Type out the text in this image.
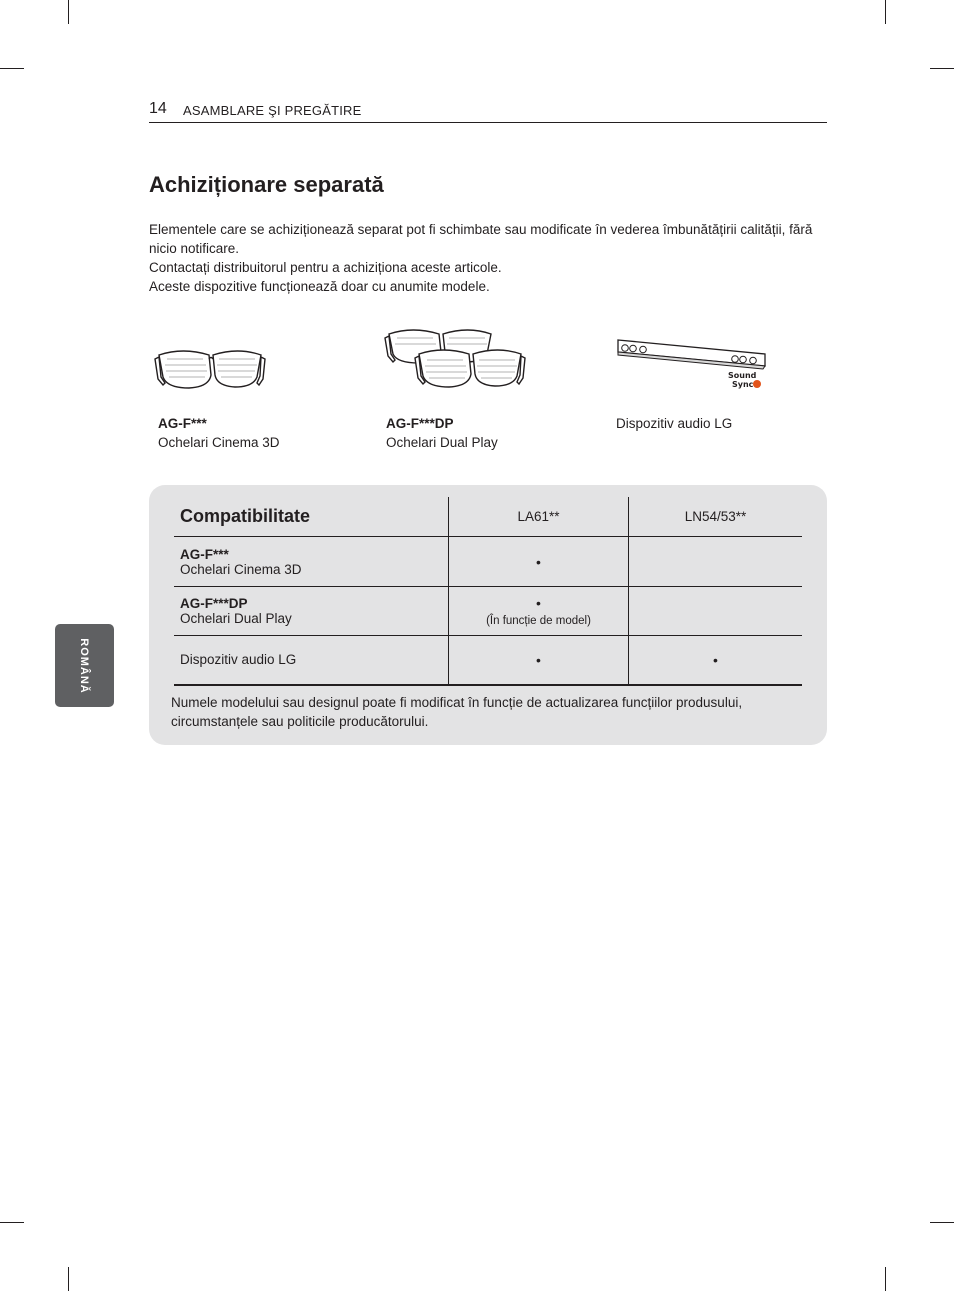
14 ASAMBLARE ŞI PREGĂTIRE
Achiziționare separată

Elementele care se achiziționează separat pot fi schimbate sau modificate în vederea îmbunătățirii calității, fără nicio notificare.

Contactați distribuitorul pentru a achiziționa aceste articole.

Aceste dispozitive funcționează doar cu anumite modele.

Sound
Sync
AG-F***
Ochelari Cinema 3D
AG-F***DP
Ochelari Dual Play
Dispozitiv audio LG
Compatibilitate	LA61**	LN54/53**

AG-F***
Ochelari Cinema 3D	•	

AG-F***DP
Ochelari Dual Play	•
(În funcție de model)	

Dispozitiv audio LG	•	•
Numele modelului sau designul poate fi modificat în funcție de actualizarea funcțiilor produsului, circumstanțele sau politicile producătorului.
ROMÂNĂ
